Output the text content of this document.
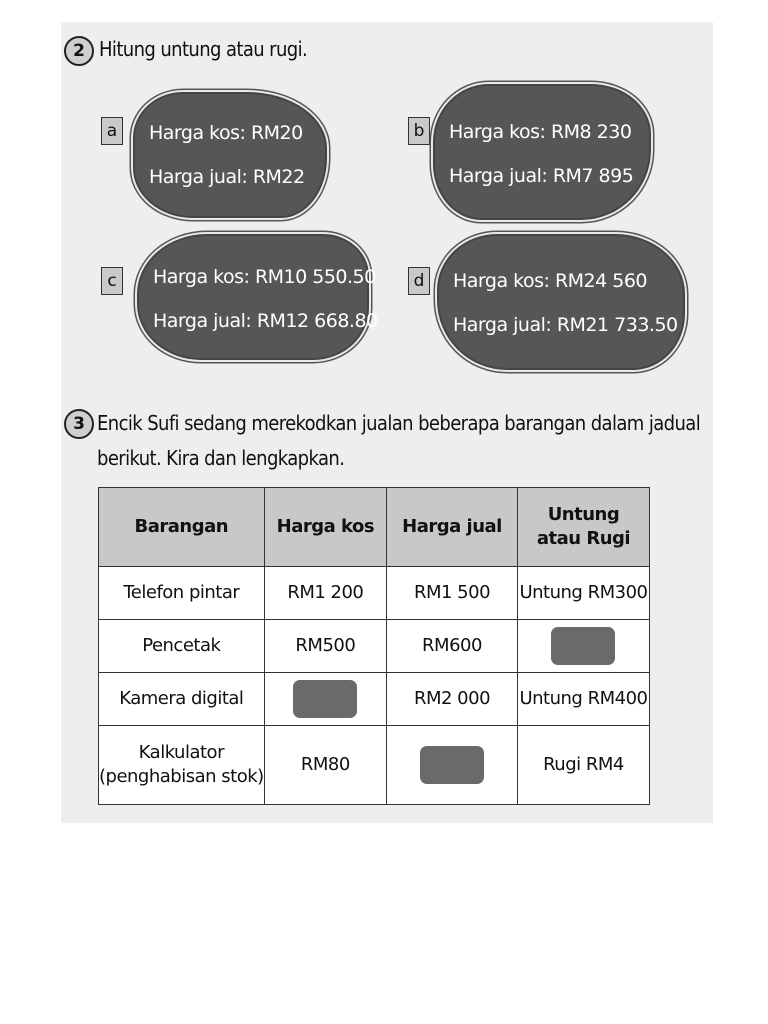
2 Hitung untung atau rugi.
a	Harga kos: RM20
Harga jual: RM22
b Harga kos: RM8 230
Harga jual: RM7 895
c	Harga kos: RM10 550.50
Harga jual: RM12 668.80
d Harga kos: RM24 560
Harga jual: RM21 733.50
3 Encik Sufi sedang merekodkan jualan beberapa barangan dalam jadual
berikut. Kira dan lengkapkan.
Barangan	Harga kos	Harga jual	Untung atau Rugi
Telefon pintar	RM1 200	RM1 500	Untung RM300
Pencetak	RM500	RM600	
Kamera digital		RM2 000	Untung RM400

Kalkulator
(penghabisan stok)	RM80		Rugi RM4
